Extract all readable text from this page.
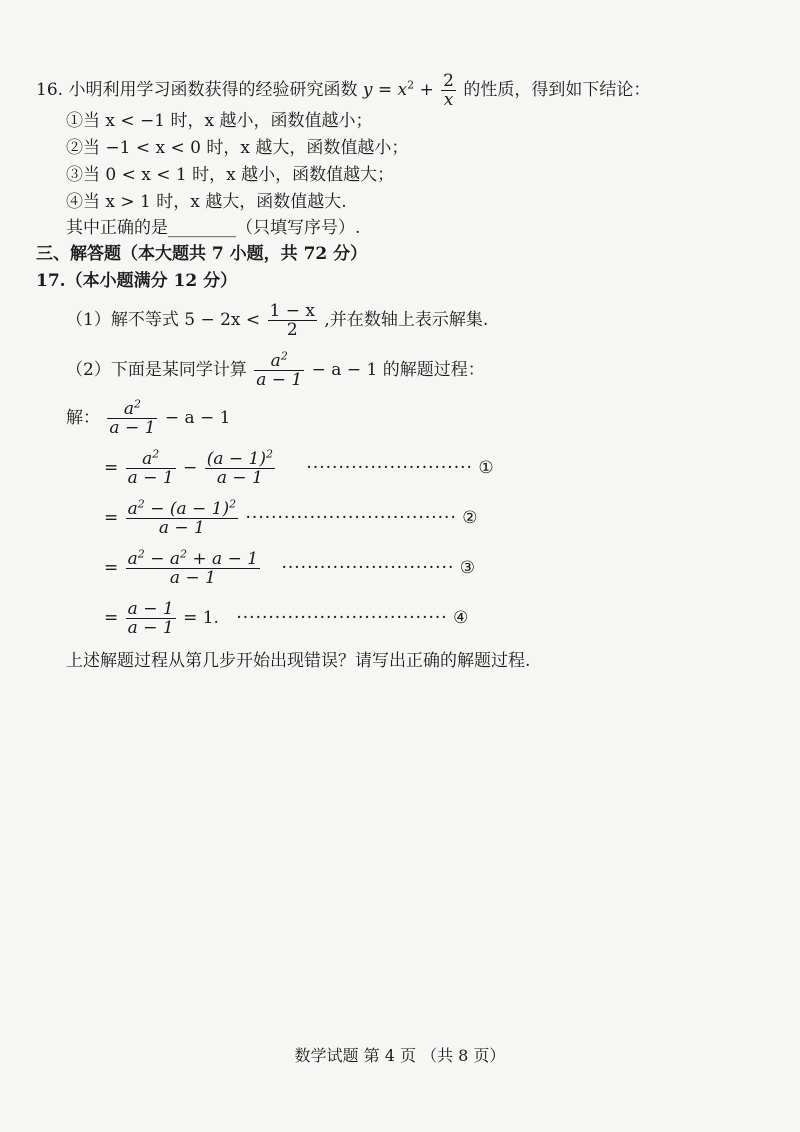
16. 小明利用学习函数获得的经验研究函数 $y = x^2 + \frac{2}{x}$ 的性质，得到如下结论：
①当 x < −1 时，x 越小，函数值越小；
②当 −1 < x < 0 时，x 越大，函数值越小；
③当 0 < x < 1 时，x 越小，函数值越大；
④当 x > 1 时，x 越大，函数值越大.
其中正确的是________（只填写序号）.
三、解答题（本大题共 7 小题，共 72 分）
17.（本小题满分 12 分）
（1）解不等式 $5 - 2x < \frac{1 - x}{2}$ ,并在数轴上表示解集.
（2）下面是某同学计算 $\frac{a^2}{a - 1} - a - 1$ 的解题过程：
解： $\frac{a^2}{a - 1} - a - 1$
= $\frac{a^2}{a - 1} - \frac{(a - 1)^2}{a - 1}$ ·························· ①
= $\frac{a^2 - (a - 1)^2}{a - 1}$ ································· ②
= $\frac{a^2 - a^2 + a - 1}{a - 1}$ ··························· ③
= $\frac{a - 1}{a - 1} = 1$. ································· ④
上述解题过程从第几步开始出现错误？请写出正确的解题过程.
数学试题 第 4 页 （共 8 页）
